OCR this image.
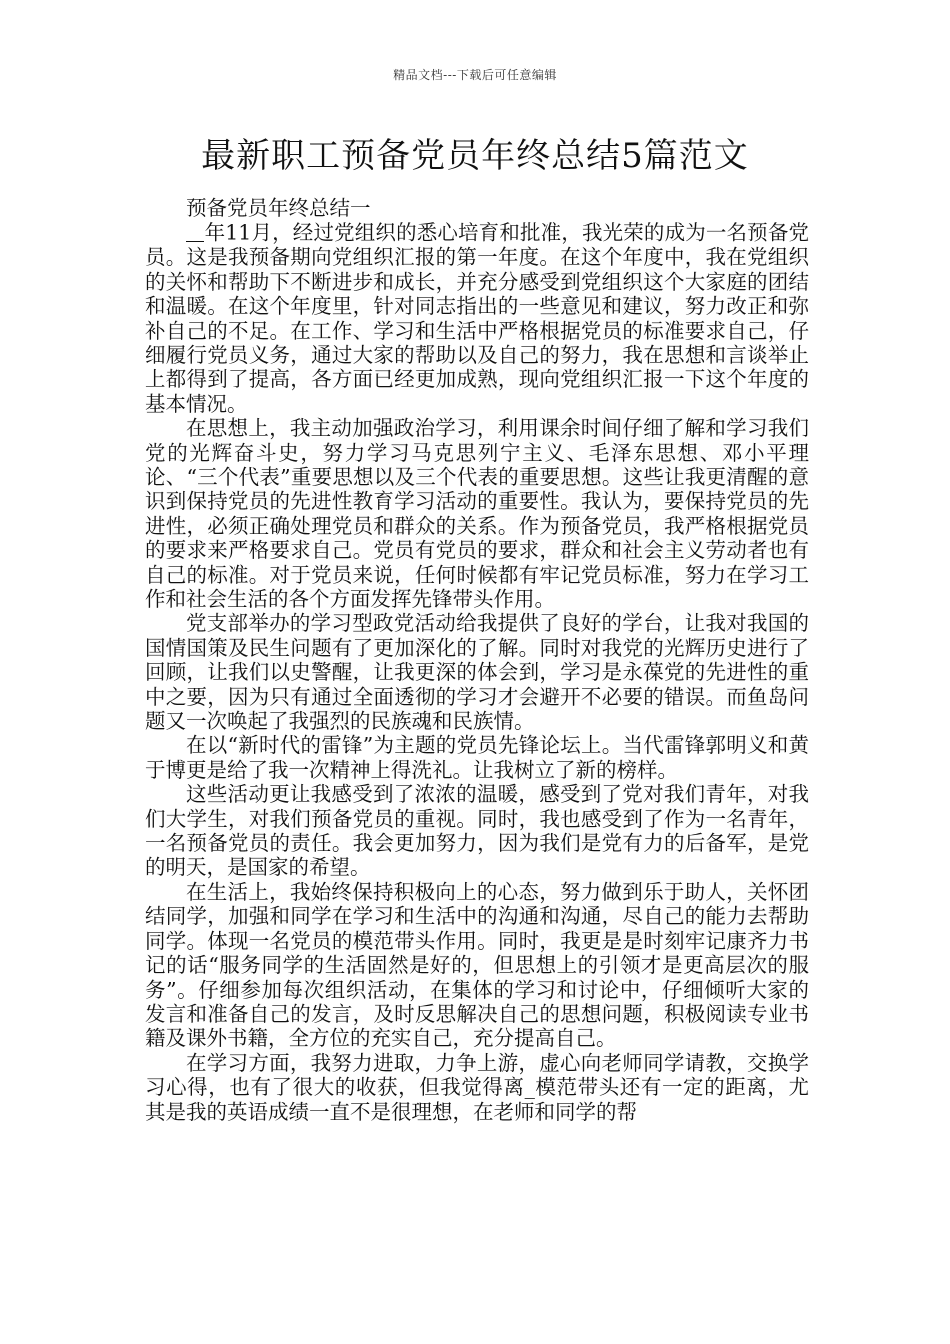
精品文档---下载后可任意编辑
最新职工预备党员年终总结5篇范文

预备党员年终总结一

年11月，经过党组织的悉心培育和批准，我光荣的成为一名预备党员。这是我预备期向党组织汇报的第一年度。在这个年度中，我在党组织的关怀和帮助下不断进步和成长，并充分感受到党组织这个大家庭的团结和温暖。在这个年度里，针对同志指出的一些意见和建议，努力改正和弥补自己的不足。在工作、学习和生活中严格根据党员的标准要求自己，仔细履行党员义务，通过大家的帮助以及自己的努力，我在思想和言谈举止上都得到了提高，各方面已经更加成熟，现向党组织汇报一下这个年度的基本情况。

在思想上，我主动加强政治学习，利用课余时间仔细了解和学习我们党的光辉奋斗史，努力学习马克思列宁主义、毛泽东思想、邓小平理论、“三个代表”重要思想以及三个代表的重要思想。这些让我更清醒的意识到保持党员的先进性教育学习活动的重要性。我认为，要保持党员的先进性，必须正确处理党员和群众的关系。作为预备党员，我严格根据党员的要求来严格要求自己。党员有党员的要求，群众和社会主义劳动者也有自己的标准。对于党员来说，任何时候都有牢记党员标准，努力在学习工作和社会生活的各个方面发挥先锋带头作用。

党支部举办的学习型政党活动给我提供了良好的学台，让我对我国的国情国策及民生问题有了更加深化的了解。同时对我党的光辉历史进行了回顾，让我们以史警醒，让我更深的体会到，学习是永葆党的先进性的重中之要，因为只有通过全面透彻的学习才会避开不必要的错误。而鱼岛问题又一次唤起了我强烈的民族魂和民族情。

在以“新时代的雷锋”为主题的党员先锋论坛上。当代雷锋郭明义和黄于博更是给了我一次精神上得洗礼。让我树立了新的榜样。

这些活动更让我感受到了浓浓的温暖，感受到了党对我们青年，对我们大学生，对我们预备党员的重视。同时，我也感受到了作为一名青年，一名预备党员的责任。我会更加努力，因为我们是党有力的后备军，是党的明天，是国家的希望。

在生活上，我始终保持积极向上的心态，努力做到乐于助人，关怀团结同学，加强和同学在学习和生活中的沟通和沟通，尽自己的能力去帮助同学。体现一名党员的模范带头作用。同时，我更是是时刻牢记康齐力书记的话“服务同学的生活固然是好的，但思想上的引领才是更高层次的服务”。仔细参加每次组织活动，在集体的学习和讨论中，仔细倾听大家的发言和准备自己的发言，及时反思解决自己的思想问题，积极阅读专业书籍及课外书籍，全方位的充实自己，充分提高自己。

在学习方面，我努力进取，力争上游，虚心向老师同学请教，交换学习心得，也有了很大的收获，但我觉得离_模范带头还有一定的距离，尤其是我的英语成绩一直不是很理想，在老师和同学的帮
